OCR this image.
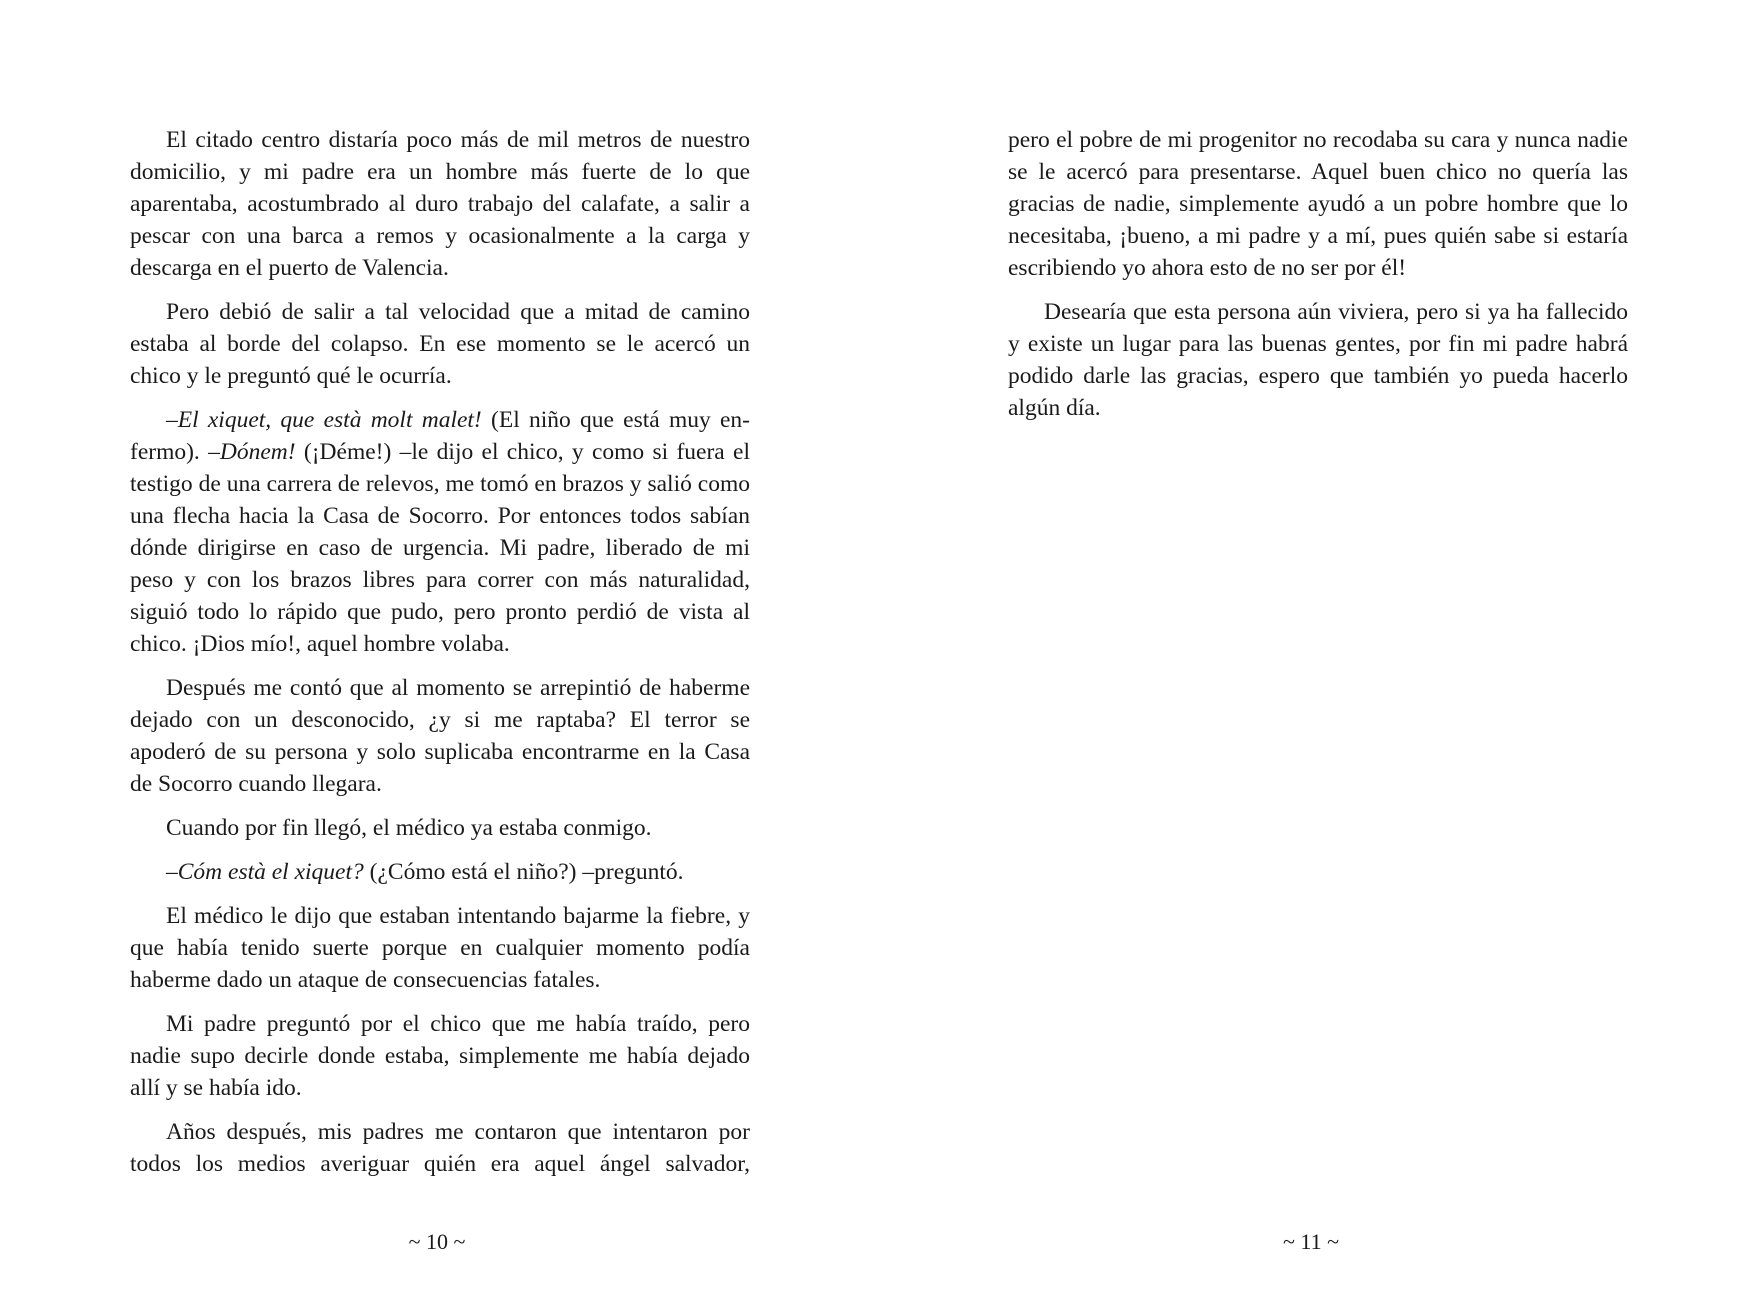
El citado centro distaría poco más de mil metros de nuestro domicilio, y mi padre era un hombre más fuerte de lo que aparentaba, acostumbrado al duro trabajo del calafate, a salir a pescar con una barca a remos y ocasionalmente a la carga y descarga en el puerto de Valencia.

Pero debió de salir a tal velocidad que a mitad de camino estaba al borde del colapso. En ese momento se le acercó un chico y le preguntó qué le ocurría.

–El xiquet, que està molt malet! (El niño que está muy enfermo). –Dónem! (¡Déme!) –le dijo el chico, y como si fuera el testigo de una carrera de relevos, me tomó en brazos y salió como una flecha hacia la Casa de Socorro. Por entonces todos sabían dónde dirigirse en caso de urgencia. Mi padre, liberado de mi peso y con los brazos libres para correr con más naturalidad, siguió todo lo rápido que pudo, pero pronto perdió de vista al chico. ¡Dios mío!, aquel hombre volaba.

Después me contó que al momento se arrepintió de haberme dejado con un desconocido, ¿y si me raptaba? El terror se apoderó de su persona y solo suplicaba encontrarme en la Casa de Socorro cuando llegara.

Cuando por fin llegó, el médico ya estaba conmigo.

–Cóm està el xiquet? (¿Cómo está el niño?) –preguntó.

El médico le dijo que estaban intentando bajarme la fiebre, y que había tenido suerte porque en cualquier momento podía haberme dado un ataque de consecuencias fatales.

Mi padre preguntó por el chico que me había traído, pero nadie supo decirle donde estaba, simplemente me había dejado allí y se había ido.

Años después, mis padres me contaron que intentaron por todos los medios averiguar quién era aquel ángel salvador,

~ 10 ~

pero el pobre de mi progenitor no recodaba su cara y nunca nadie se le acercó para presentarse. Aquel buen chico no quería las gracias de nadie, simplemente ayudó a un pobre hombre que lo necesitaba, ¡bueno, a mi padre y a mí, pues quién sabe si estaría escribiendo yo ahora esto de no ser por él!

Desearía que esta persona aún viviera, pero si ya ha fallecido y existe un lugar para las buenas gentes, por fin mi padre habrá podido darle las gracias, espero que también yo pueda hacerlo algún día.

~ 11 ~
